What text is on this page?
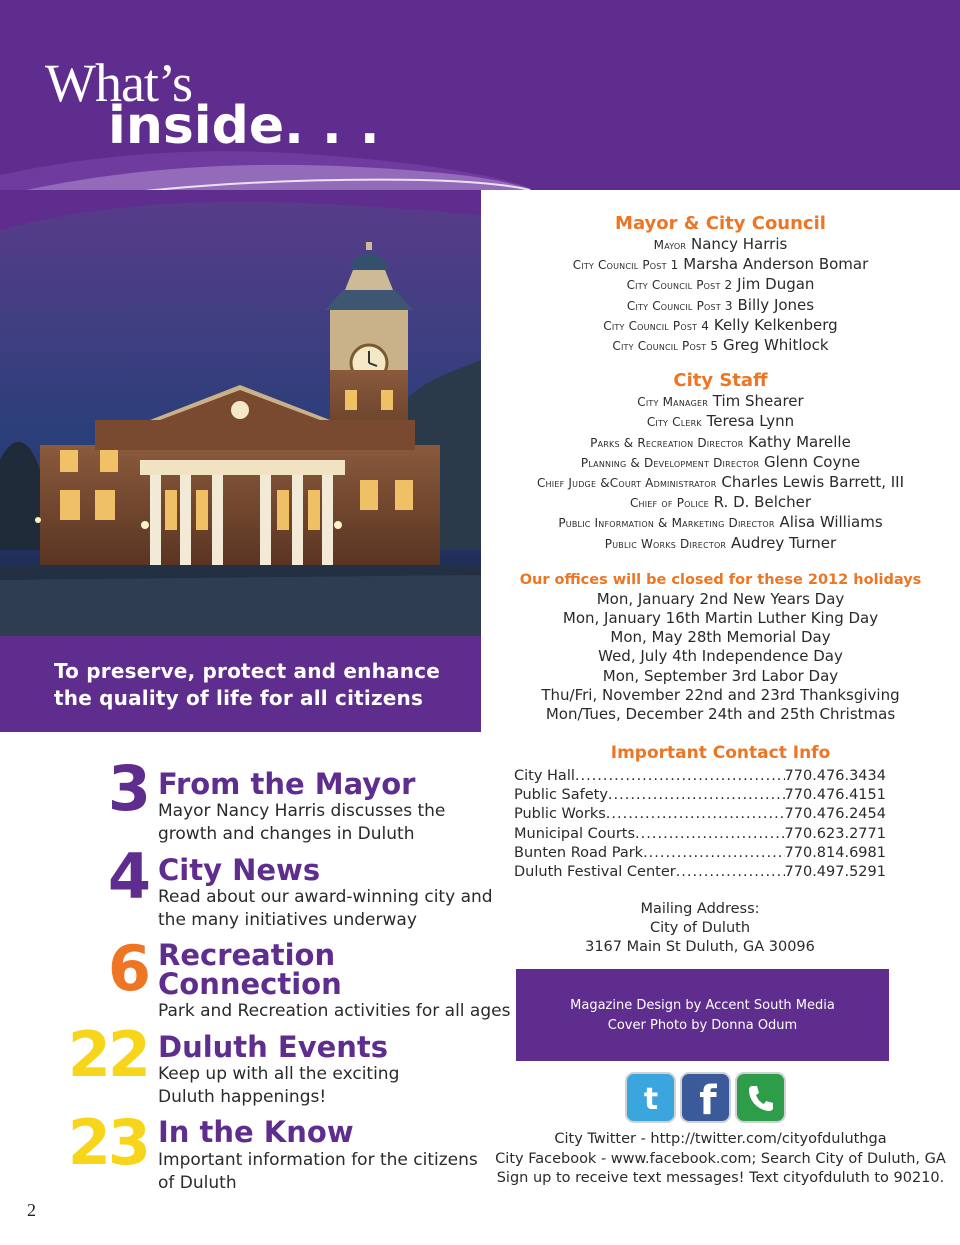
What’s
inside. . .

To preserve, protect and enhance

the quality of life for all citizens

Mayor & City Council
Mayor Nancy Harris
City Council Post 1 Marsha Anderson Bomar
City Council Post 2 Jim Dugan
City Council Post 3 Billy Jones
City Council Post 4 Kelly Kelkenberg
City Council Post 5 Greg Whitlock
City Staff
City Manager Tim Shearer
City Clerk Teresa Lynn
Parks & Recreation Director Kathy Marelle
Planning & Development Director Glenn Coyne
Chief Judge &Court Administrator Charles Lewis Barrett, III
Chief of Police R. D. Belcher
Public Information & Marketing Director Alisa Williams
Public Works Director Audrey Turner
Our offices will be closed for these 2012 holidays
Mon, January 2nd New Years Day
Mon, January 16th Martin Luther King Day
Mon, May 28th Memorial Day
Wed, July 4th Independence Day
Mon, September 3rd Labor Day
Thu/Fri, November 22nd and 23rd Thanksgiving
Mon/Tues, December 24th and 25th Christmas
Important Contact Info
City Hall .....	770.476.3434
Public Safety .....	770.476.4151
Public Works .....	770.476.2454
Municipal Courts .....	770.623.2771
Bunten Road Park .....	770.814.6981
Duluth Festival Center .....	770.497.5291
Mailing Address:
City of Duluth
3167 Main St Duluth, GA 30096
Magazine Design by Accent South Media
Cover Photo by Donna Odum
t f
City Twitter - http://twitter.com/cityofduluthga
City Facebook - www.facebook.com; Search City of Duluth, GA
Sign up to receive text messages! Text cityofduluth to 90210.
3 From the Mayor
Mayor Nancy Harris discusses the
growth and changes in Duluth
4 City News
Read about our award-winning city and
the many initiatives underway
6 Recreation
Connection
Park and Recreation activities for all ages
22 Duluth Events
Keep up with all the exciting
Duluth happenings!
23 In the Know
Important information for the citizens
of Duluth
2
